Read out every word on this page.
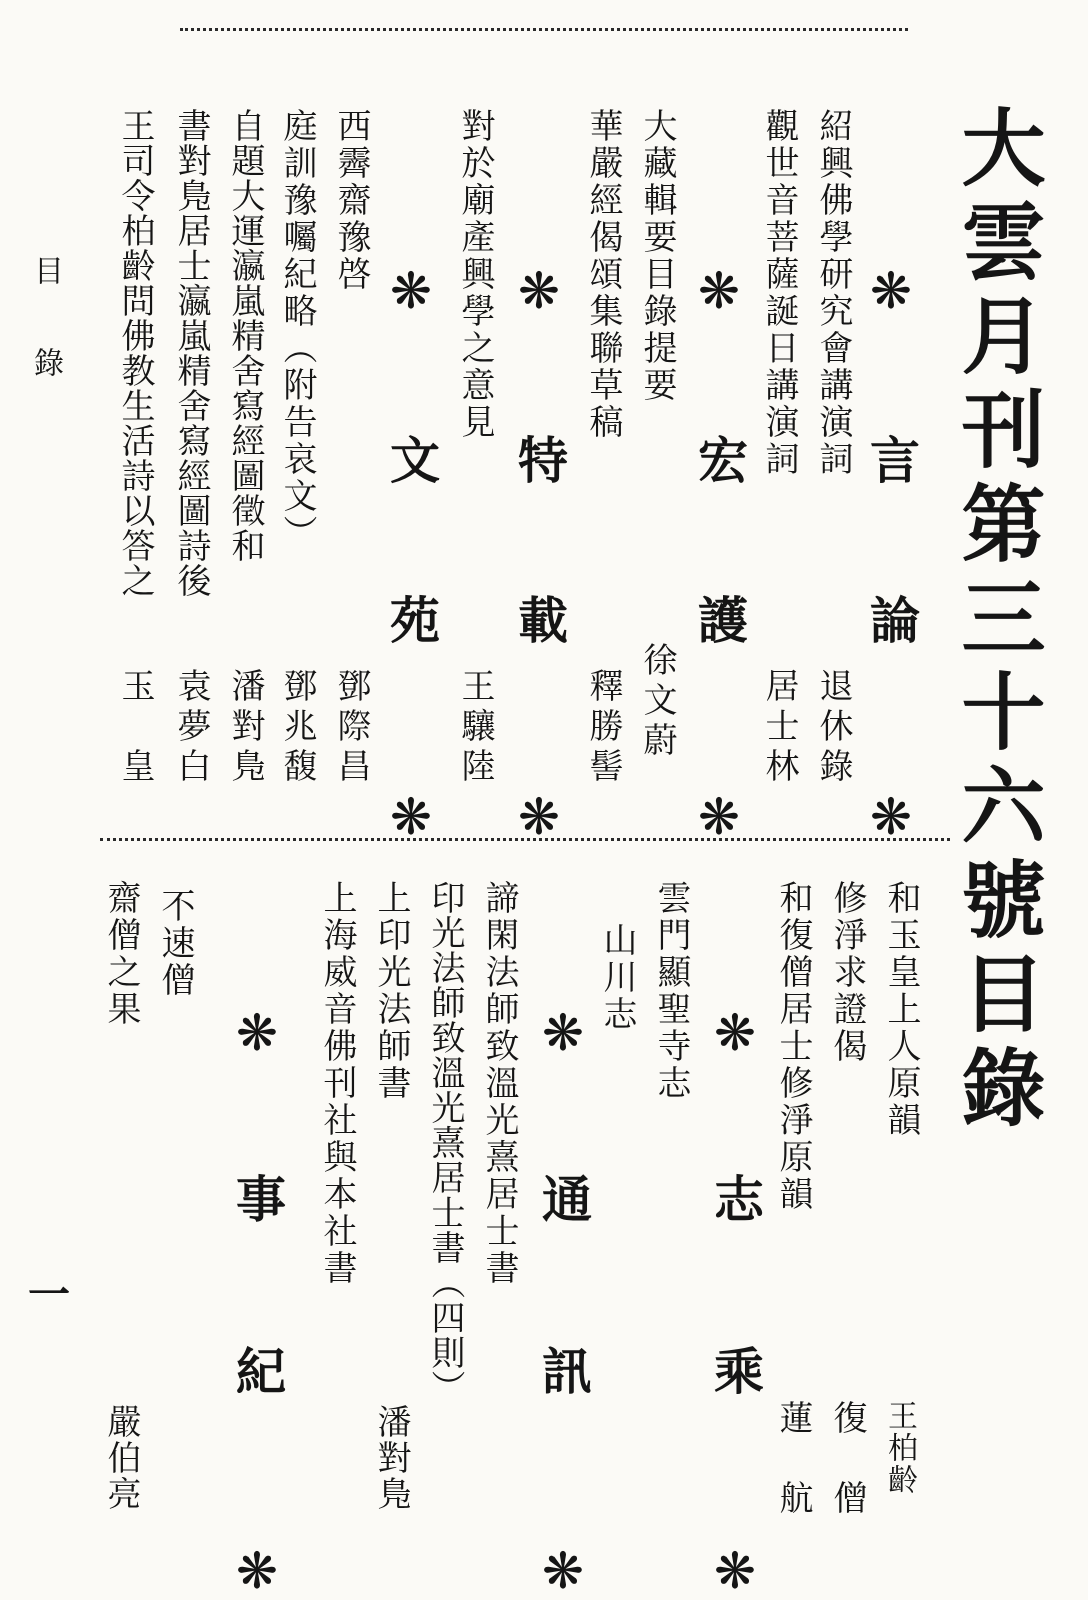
大雲月刊第三十六號目錄
目錄
一
❋ 言　論 ❋
紹興佛學研究會講演詞
退休錄
觀世音菩薩誕日講演詞
居士林
❋ 宏　護 ❋
大藏輯要目錄提要
徐文蔚
華嚴經偈頌集聯草稿
釋勝髻
❋ 特　載 ❋
對於廟產興學之意見
王驤陸
❋ 文　苑 ❋
西霽齋豫啓
鄧際昌
庭訓豫囑紀略（附告哀文）
鄧兆馥
自題大運瀛嵐精舍寫經圖徵和
潘對鳬
書對鳬居士瀛嵐精舍寫經圖詩後
袁夢白
王司令柏齡問佛教生活詩以答之
玉　皇
和玉皇上人原韻
王柏齡
修淨求證偈
復　僧
和復僧居士修淨原韻
蓮　航
❋ 志　乘 ❋
雲門顯聖寺志
山川志
❋ 通　訊 ❋
諦閑法師致溫光熹居士書
印光法師致溫光熹居士書（四則）
上印光法師書
潘對鳬
上海威音佛刊社與本社書
❋ 事　紀 ❋
不速僧
齋僧之果
嚴伯亮
